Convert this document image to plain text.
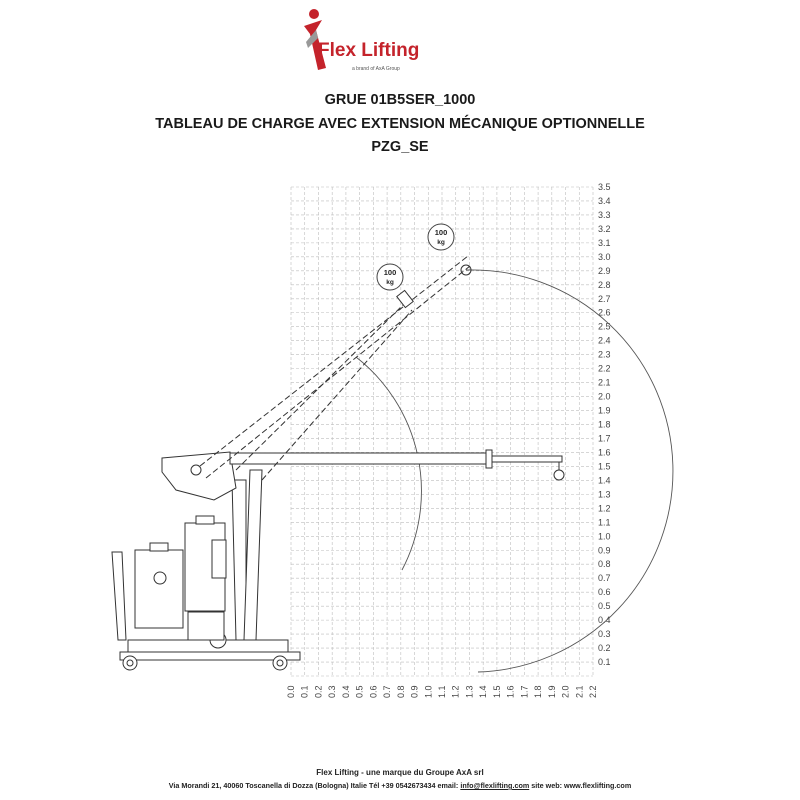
Flex Lifting
a brand of AxA Group
GRUE 01B5SER_1000
TABLEAU DE CHARGE AVEC EXTENSION MÉCANIQUE OPTIONNELLE
PZG_SE
0.0 0.1 0.2 0.3 0.4 0.5 0.6 0.7 0.8 0.9 1.0 1.1 1.2 1.3 1.4 1.5 1.6 1.7 1.8 1.9 2.0 2.1 2.2
0.1
0.2
0.3
0.4
0.5
0.6
0.7
0.8
0.9
1.0
1.1
1.2
1.3
1.4
1.5
1.6
1.7
1.8
1.9
2.0
2.1
2.2
2.3
2.4
2.5
2.6
2.7
2.8
2.9
3.0
3.1
3.2
3.3
3.4
3.5
100
kg
100
kg
Flex Lifting - une marque du Groupe AxA srl
Via Morandi 21, 40060 Toscanella di Dozza (Bologna) Italie Tél +39 0542673434 email: info@flexlifting.com site web: www.flexlifting.com
